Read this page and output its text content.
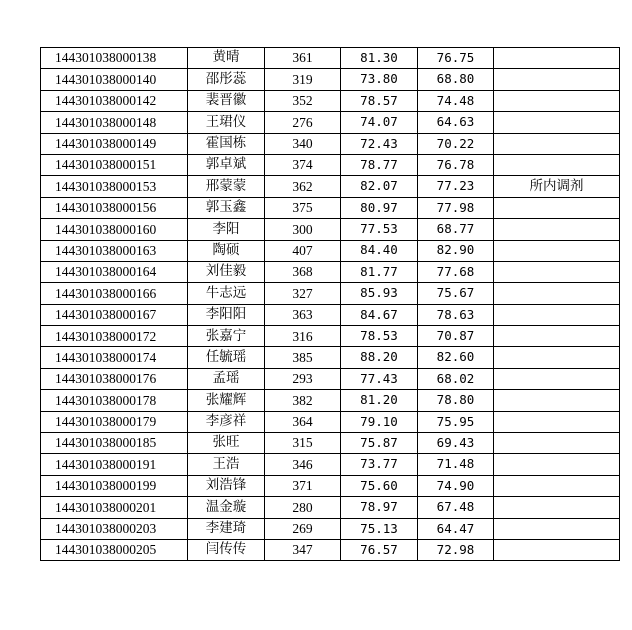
144301038000138	黄晴	361	81.30	76.75	
144301038000140	邵彤蕊	319	73.80	68.80	
144301038000142	裴晋徽	352	78.57	74.48	
144301038000148	王珺仪	276	74.07	64.63	
144301038000149	霍国栋	340	72.43	70.22	
144301038000151	郭卓斌	374	78.77	76.78	
144301038000153	邢蒙蒙	362	82.07	77.23	所内调剂
144301038000156	郭玉鑫	375	80.97	77.98	
144301038000160	李阳	300	77.53	68.77	
144301038000163	陶硕	407	84.40	82.90	
144301038000164	刘佳毅	368	81.77	77.68	
144301038000166	牛志远	327	85.93	75.67	
144301038000167	李阳阳	363	84.67	78.63	
144301038000172	张嘉宁	316	78.53	70.87	
144301038000174	任毓瑶	385	88.20	82.60	
144301038000176	孟瑶	293	77.43	68.02	
144301038000178	张耀辉	382	81.20	78.80	
144301038000179	李彦祥	364	79.10	75.95	
144301038000185	张旺	315	75.87	69.43	
144301038000191	王浩	346	73.77	71.48	
144301038000199	刘浩锋	371	75.60	74.90	
144301038000201	温金璇	280	78.97	67.48	
144301038000203	李建琦	269	75.13	64.47	
144301038000205	闫传传	347	76.57	72.98	
